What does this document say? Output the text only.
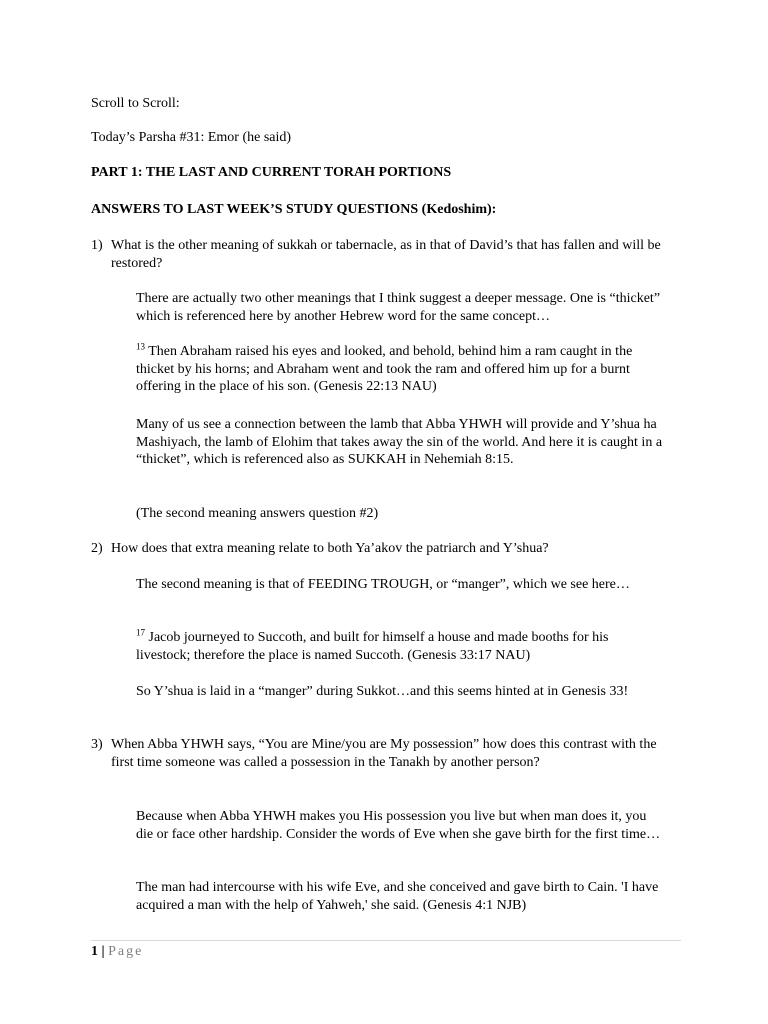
Scroll to Scroll:

Today’s Parsha #31: Emor (he said)

PART 1: THE LAST AND CURRENT TORAH PORTIONS

ANSWERS TO LAST WEEK’S STUDY QUESTIONS (Kedoshim):

1) What is the other meaning of sukkah or tabernacle, as in that of David’s that has fallen and will be restored?

There are actually two other meanings that I think suggest a deeper message. One is “thicket” which is referenced here by another Hebrew word for the same concept…

$^{13}$ Then Abraham raised his eyes and looked, and behold, behind him a ram caught in the thicket by his horns; and Abraham went and took the ram and offered him up for a burnt offering in the place of his son. (Genesis 22:13 NAU)

Many of us see a connection between the lamb that Abba YHWH will provide and Y’shua ha Mashiyach, the lamb of Elohim that takes away the sin of the world. And here it is caught in a “thicket”, which is referenced also as SUKKAH in Nehemiah 8:15.

(The second meaning answers question #2)

2) How does that extra meaning relate to both Ya’akov the patriarch and Y’shua?

The second meaning is that of FEEDING TROUGH, or “manger”, which we see here…

$^{17}$ Jacob journeyed to Succoth, and built for himself a house and made booths for his livestock; therefore the place is named Succoth. (Genesis 33:17 NAU)

So Y’shua is laid in a “manger” during Sukkot…and this seems hinted at in Genesis 33!

3) When Abba YHWH says, “You are Mine/you are My possession” how does this contrast with the first time someone was called a possession in the Tanakh by another person?

Because when Abba YHWH makes you His possession you live but when man does it, you die or face other hardship. Consider the words of Eve when she gave birth for the first time…

The man had intercourse with his wife Eve, and she conceived and gave birth to Cain. 'I have acquired a man with the help of Yahweh,' she said. (Genesis 4:1 NJB)

1 | Page
